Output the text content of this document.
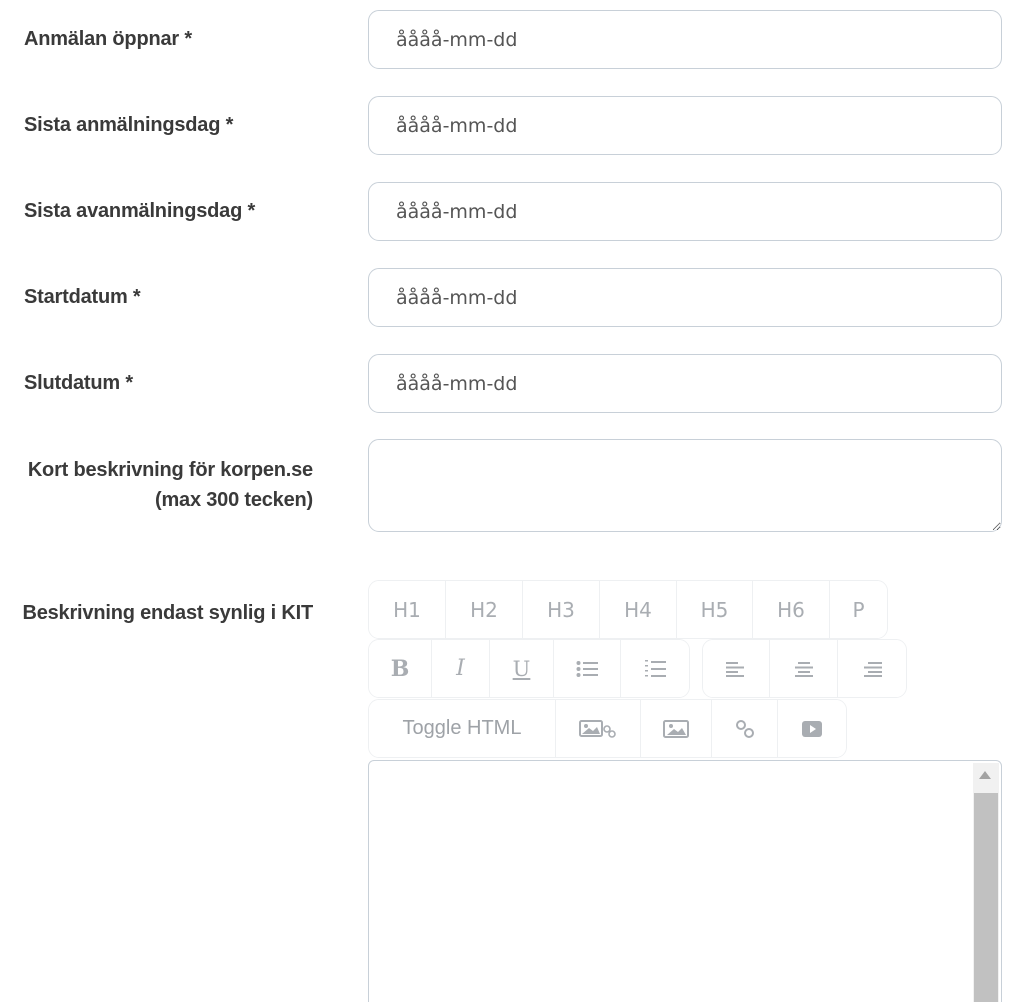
Anmälan öppnar *
åååå-mm-dd
Sista anmälningsdag *
åååå-mm-dd
Sista avanmälningsdag *
åååå-mm-dd
Startdatum *
åååå-mm-dd
Slutdatum *
åååå-mm-dd
Kort beskrivning för korpen.se (max 300 tecken)
Beskrivning endast synlig i KIT	H1	H2	H3	H4	H5	H6	P
B	I	U
Toggle HTML
